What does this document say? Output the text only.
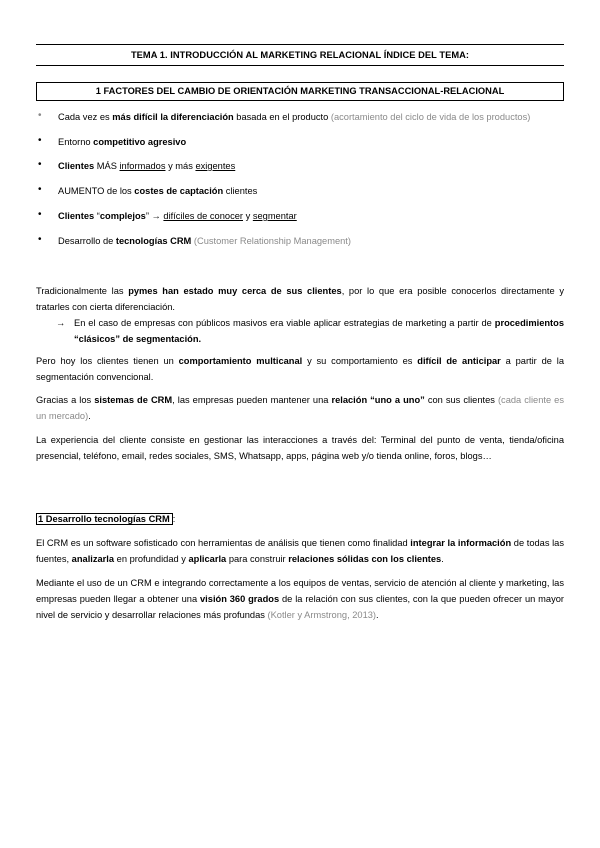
TEMA 1. INTRODUCCIÓN AL MARKETING RELACIONAL ÍNDICE DEL TEMA:
1 FACTORES DEL CAMBIO DE ORIENTACIÓN MARKETING TRANSACCIONAL-RELACIONAL
• Cada vez es más difícil la diferenciación basada en el producto (acortamiento del ciclo de vida de los productos)
• Entorno competitivo agresivo
• Clientes MÁS informados y más exigentes
• AUMENTO de los costes de captación clientes
• Clientes “complejos” → difíciles de conocer y segmentar
• Desarrollo de tecnologías CRM (Customer Relationship Management)
Tradicionalmente las pymes han estado muy cerca de sus clientes, por lo que era posible conocerlos directamente y tratarles con cierta diferenciación.
→ En el caso de empresas con públicos masivos era viable aplicar estrategias de marketing a partir de procedimientos “clásicos” de segmentación.
Pero hoy los clientes tienen un comportamiento multicanal y su comportamiento es difícil de anticipar a partir de la segmentación convencional.
Gracias a los sistemas de CRM, las empresas pueden mantener una relación “uno a uno” con sus clientes (cada cliente es un mercado).
La experiencia del cliente consiste en gestionar las interacciones a través del: Terminal del punto de venta, tienda/oficina presencial, teléfono, email, redes sociales, SMS, Whatsapp, apps, página web y/o tienda online, foros, blogs…
1 Desarrollo tecnologías CRM :
El CRM es un software sofisticado con herramientas de análisis que tienen como finalidad integrar la información de todas las fuentes, analizarla en profundidad y aplicarla para construir relaciones sólidas con los clientes.
Mediante el uso de un CRM e integrando correctamente a los equipos de ventas, servicio de atención al cliente y marketing, las empresas pueden llegar a obtener una visión 360 grados de la relación con sus clientes, con la que pueden ofrecer un mayor nivel de servicio y desarrollar relaciones más profundas (Kotler y Armstrong, 2013).
